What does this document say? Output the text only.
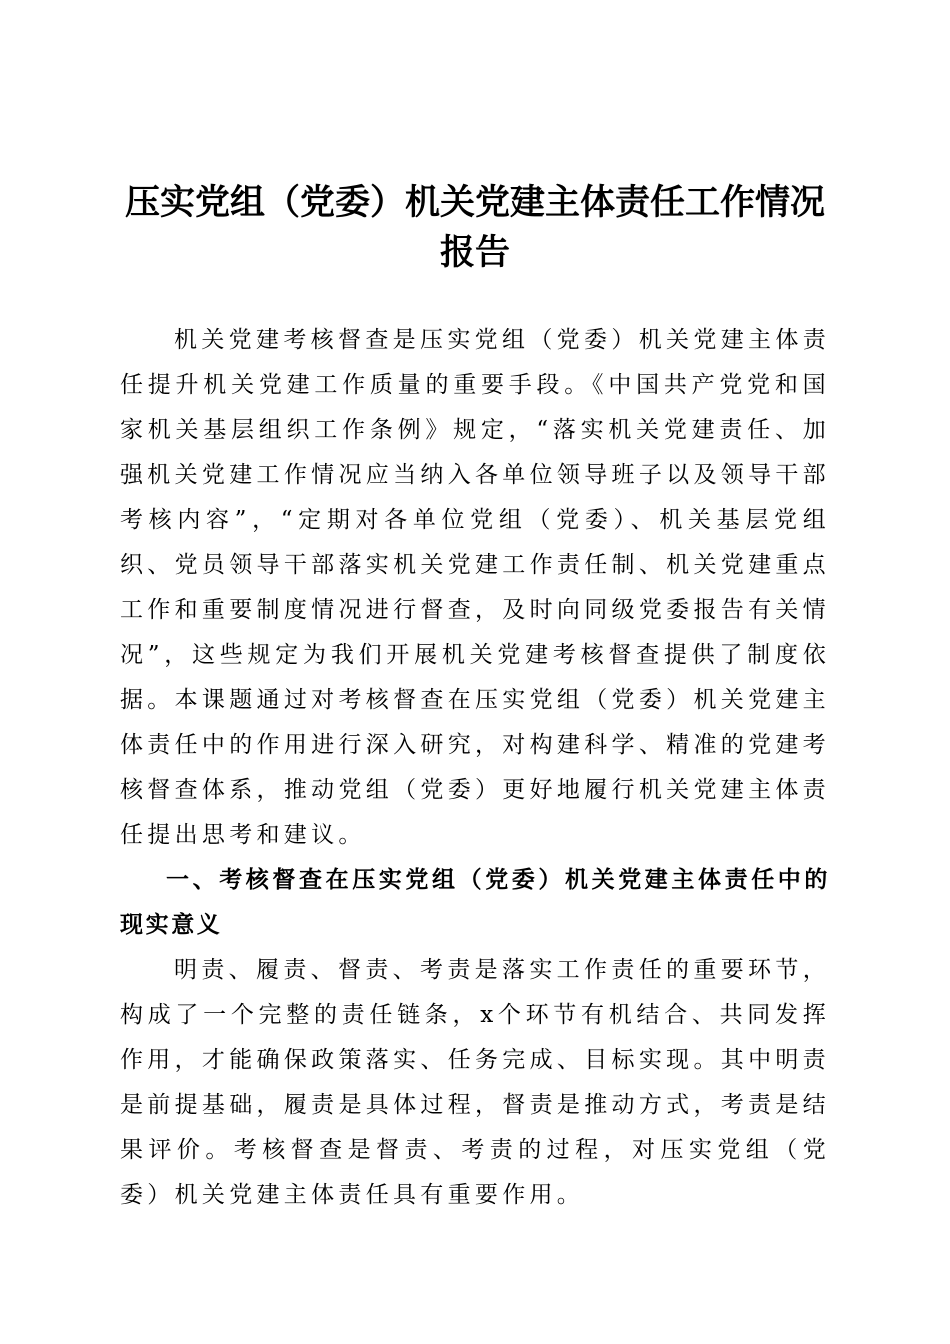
压实党组（党委）机关党建主体责任工作情况
报告

机关党建考核督查是压实党组（党委）机关党建主体责任提升机关党建工作质量的重要手段。《中国共产党党和国家机关基层组织工作条例》规定，“落实机关党建责任、加强机关党建工作情况应当纳入各单位领导班子以及领导干部考核内容”，“定期对各单位党组（党委）、机关基层党组织、党员领导干部落实机关党建工作责任制、机关党建重点工作和重要制度情况进行督查，及时向同级党委报告有关情况”，这些规定为我们开展机关党建考核督查提供了制度依据。本课题通过对考核督查在压实党组（党委）机关党建主体责任中的作用进行深入研究，对构建科学、精准的党建考核督查体系，推动党组（党委）更好地履行机关党建主体责任提出思考和建议。

一、考核督查在压实党组（党委）机关党建主体责任中的现实意义

明责、履责、督责、考责是落实工作责任的重要环节，构成了一个完整的责任链条，x个环节有机结合、共同发挥作用，才能确保政策落实、任务完成、目标实现。其中明责是前提基础，履责是具体过程，督责是推动方式，考责是结果评价。考核督查是督责、考责的过程，对压实党组（党委）机关党建主体责任具有重要作用。
